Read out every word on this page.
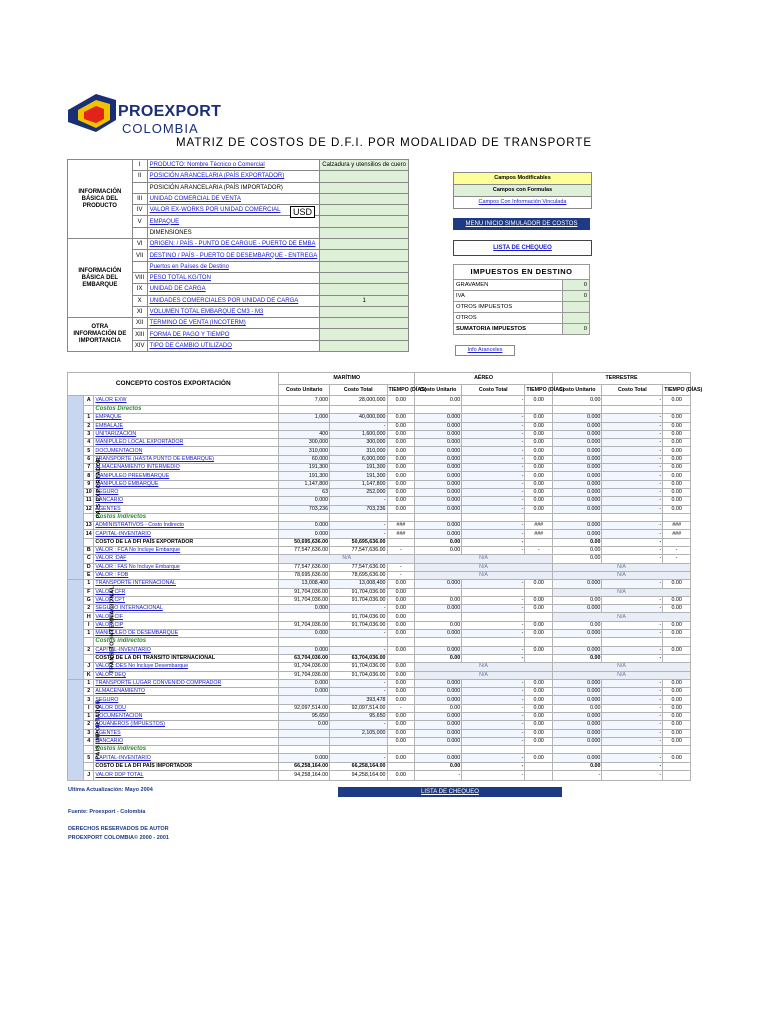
PROEXPORT
COLOMBIA
MATRIZ DE COSTOS DE D.F.I. POR MODALIDAD DE TRANSPORTE
INFORMACIÓN BÁSICA DEL PRODUCTO	I	PRODUCTO: Nombre Técnico o Comercial	Calzadura y utensilios de cuero
	II	POSICIÓN ARANCELARIA (PAÍS EXPORTADOR)	
		POSICIÓN ARANCELARIA (PAÍS IMPORTADOR)	
	III	UNIDAD COMERCIAL DE VENTA	
	IV	VALOR EX-WORKS POR UNIDAD COMERCIAL	
	V	EMPAQUE	
		DIMENSIONES	
INFORMACIÓN BÁSICA DEL EMBARQUE	VI	ORIGEN: / PAÍS - PUNTO DE CARGUE - PUERTO DE EMBA	
	VII	DESTINO / PAÍS - PUERTO DE DESEMBARQUE - ENTREGA	
		Puertos en Países de Destino	
	VIII	PESO TOTAL KG/TON	
	IX	UNIDAD DE CARGA	
	X	UNIDADES COMERCIALES POR UNIDAD DE CARGA	1
	XI	VOLUMEN TOTAL EMBARQUE CM3 - M3	
OTRA INFORMACIÓN DE IMPORTANCIA	XII	TERMINO DE VENTA (INCOTERM)	
	XIII	FORMA DE PAGO Y TIEMPO	
	XIV	TIPO DE CAMBIO UTILIZADO	
USD
Campos Modificables
Campos con Formulas
Campos Con Información Vinculada
MENU INICIO SIMULADOR DE COSTOS
LISTA DE CHEQUEO
IMPUESTOS EN DESTINO	
GRAVAMEN	0
IVA	0
OTROS IMPUESTOS	
OTROS	
SUMATORIA IMPUESTOS	0
Info Aranceles
CONCEPTO COSTOS EXPORTACIÓN			MARÍTIMO			AÉREO			TERRESTRE		
			Costo Unitario	Costo Total	TIEMPO (DÍAS)	Costo Unitario	Costo Total	TIEMPO (DÍAS)	Costo Unitario	Costo Total	TIEMPO (DÍAS)
PAÍS EXPORTADOR	A	VALOR EXW	7,000	28,000,000	0.00	0.00	-	0.00	0.00	-	0.00
		Costos Directos									
	1	EMPAQUE	1,000	40,000,000	0.00	0.000	-	0.00	0.000	-	0.00
	2	EMBALAJE		-	0.00	0.000	-	0.00	0.000	-	0.00
	3	UNITARIZACION	400	1,600,000	0.00	0.000	-	0.00	0.000	-	0.00
	4	MANIPULEO LOCAL EXPORTADOR	300,000	300,000	0.00	0.000	-	0.00	0.000	-	0.00
	5	DOCUMENTACION	310,000	310,000	0.00	0.000	-	0.00	0.000	-	0.00
	6	TRANSPORTE (HASTA PUNTO DE EMBARQUE)	60,000	6,000,000	0.00	0.000	-	0.00	0.000	-	0.00
	7	ALMACENAMIENTO INTERMEDIO	191,300	191,300	0.00	0.000	-	0.00	0.000	-	0.00
	8	MANIPULEO PREEMBARQUE	191,300	191,300	0.00	0.000	-	0.00	0.000	-	0.00
	9	MANIPULEO EMBARQUE	1,147,800	1,147,800	0.00	0.000	-	0.00	0.000	-	0.00
	10	SEGURO	63	252,000	0.00	0.000	-	0.00	0.000	-	0.00
	11	BANCARIO	0.000	-	0.00	0.000	-	0.00	0.000	-	0.00
	12	AGENTES	703,236	703,236	0.00	0.000	-	0.00	0.000	-	0.00
		Costos Indirectos									
	13	ADMINISTRATIVOS - Costo Indirecto	0.000	-	###	0.000	-	###	0.000	-	###
	14	CAPITAL-INVENTARIO	0.000	-	###	0.000	-	###	0.000	-	###
		COSTO DE LA DFI PAÍS EXPORTADOR	50,695,636.00	50,695,636.00		0.00	-		0.00	-	
	B	VALOR : FCA No Incluye Embarque	77,547,636.00	77,547,636.00	-	0.00	-	-	0.00	-	-
	C	VALOR :DAF	N/A			N/A			0.00	-	-
	D	VALOR : FAS No Incluye Embarque	77,547,636.00	77,547,636.00	-	N/A			N/A		
	E	VALOR : FOB	78,695,636.00	78,695,636.00	-	N/A			N/A		
TRÁNSITO INTERNACIONAL	1	TRANSPORTE INTERNACIONAL	13,008,400	13,008,400	0.00	0.000	-	0.00	0.000	-	0.00
	F	VALOR CFR	91,704,036.00	91,704,036.00	0.00				N/A		
	G	VALOR CPT	91,704,036.00	91,704,036.00	0.00	0.00	-	0.00	0.00	-	0.00
	2	SEGURO INTERNACIONAL	0.000	-	0.00	0.000	-	0.00	0.000	-	0.00
	H	VALOR CIF		91,704,036.00	0.00				N/A		
	I	VALOR CIP	91,704,036.00	91,704,036.00	0.00	0.00	-	0.00	0.00	-	0.00
	1	MANIPULEO DE DESEMBARQUE	0.000	-	0.00	0.000	-	0.00	0.000	-	0.00
		Costos indirectos									
	2	CAPITAL-INVENTARIO	0.000	-	0.00	0.000	-	0.00	0.000	-	0.00
		COSTO DE LA DFI TRANSITO INTERNACIONAL	63,704,036.00	63,704,036.00		0.00	-		0.00	-	
	J	VALOR :DES No Incluye Desembarque	91,704,036.00	91,704,036.00	0.00	N/A			N/A		
	K	VALOR DEQ	91,704,036.00	91,704,036.00	0.00	N/A			N/A		
PAÍS IMPORTADOR	1	TRANSPORTE LUGAR CONVENIDO COMPRADOR	0.000	-	0.00	0.000	-	0.00	0.000	-	0.00
	2	ALMACENAMIENTO	0.000	-	0.00	0.000	-	0.00	0.000	-	0.00
	3	SEGURO		393,478	0.00	0.000	-	0.00	0.000	-	0.00
	I	VALOR DDU	92,097,514.00	92,097,514.00	-	0.00	-	0.00	0.00	-	0.00
	1	DOCUMENTACION	95,650	95,650	0.00	0.000	-	0.00	0.000	-	0.00
	2	ADUANEROS (IMPUESTOS)	0.00	-	0.00	0.000	-	0.00	0.000	-	0.00
	3	AGENTES		2,105,000	0.00	0.000	-	0.00	0.000	-	0.00
	4	BANCARIO			0.00	0.000	-	0.00	0.000	-	0.00
		Costos indirectos									
	5	CAPITAL-INVENTARIO	0.000	-	0.00	0.000	-	0.00	0.000	-	0.00
		COSTO DE LA DFI PAÍS IMPORTADOR	66,258,164.00	66,258,164.00		0.00	-		0.00	-	
	J	VALOR DDP TOTAL	94,258,164.00	94,258,164.00	0.00	-	-		-	-	
Ultima Actualización: Mayo 2004	LISTA DE CHEQUEO
Fuente: Proexport - Colombia
DERECHOS RESERVADOS DE AUTOR
PROEXPORT COLOMBIA© 2000 - 2001
